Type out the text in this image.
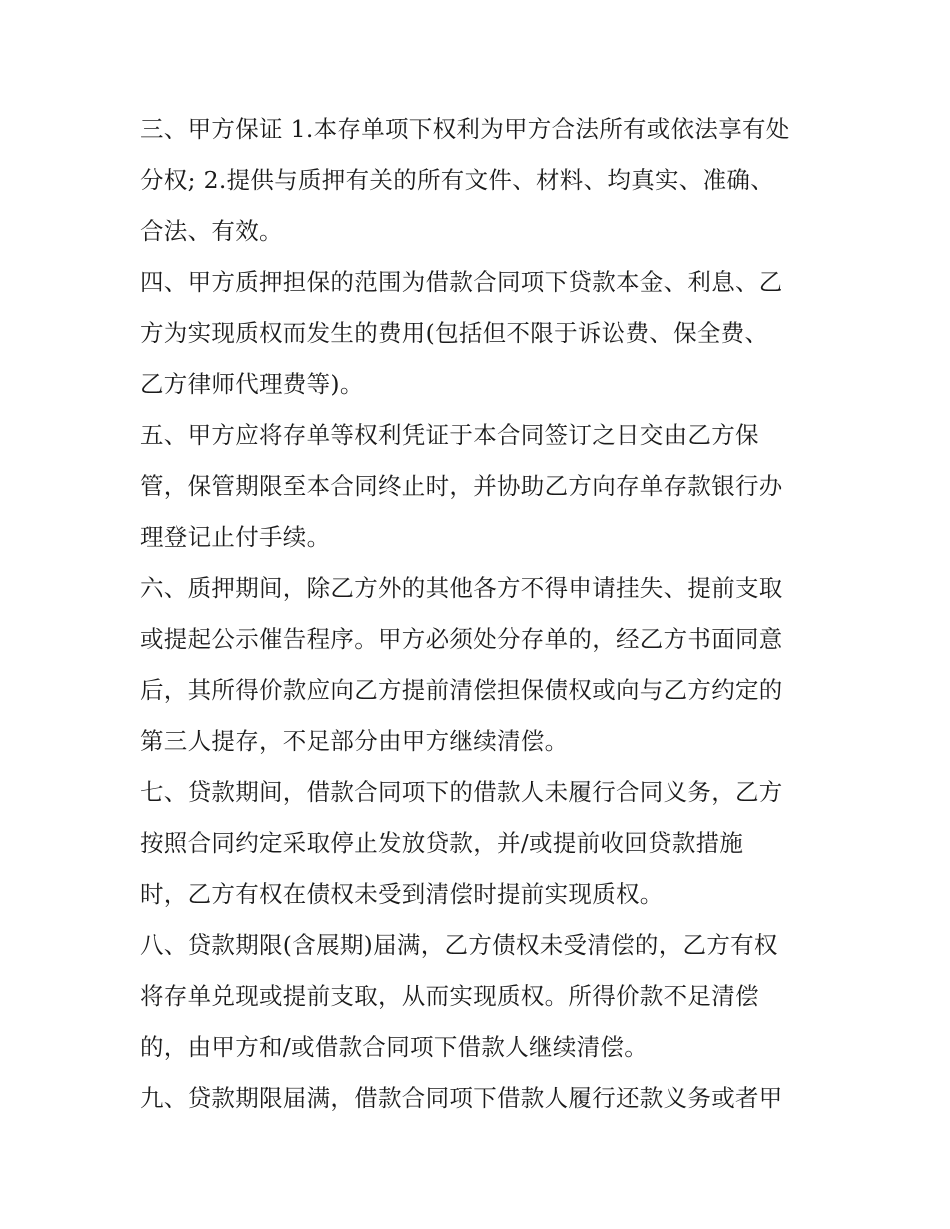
三、甲方保证 1.本存单项下权利为甲方合法所有或依法享有处
分权; 2.提供与质押有关的所有文件、材料、均真实、准确、
合法、有效。
四、甲方质押担保的范围为借款合同项下贷款本金、利息、乙
方为实现质权而发生的费用(包括但不限于诉讼费、保全费、
乙方律师代理费等)。
五、甲方应将存单等权利凭证于本合同签订之日交由乙方保
管，保管期限至本合同终止时，并协助乙方向存单存款银行办
理登记止付手续。
六、质押期间，除乙方外的其他各方不得申请挂失、提前支取
或提起公示催告程序。甲方必须处分存单的，经乙方书面同意
后，其所得价款应向乙方提前清偿担保债权或向与乙方约定的
第三人提存，不足部分由甲方继续清偿。
七、贷款期间，借款合同项下的借款人未履行合同义务，乙方
按照合同约定采取停止发放贷款，并/或提前收回贷款措施
时，乙方有权在债权未受到清偿时提前实现质权。
八、贷款期限(含展期)届满，乙方债权未受清偿的，乙方有权
将存单兑现或提前支取，从而实现质权。所得价款不足清偿
的，由甲方和/或借款合同项下借款人继续清偿。
九、贷款期限届满，借款合同项下借款人履行还款义务或者甲
